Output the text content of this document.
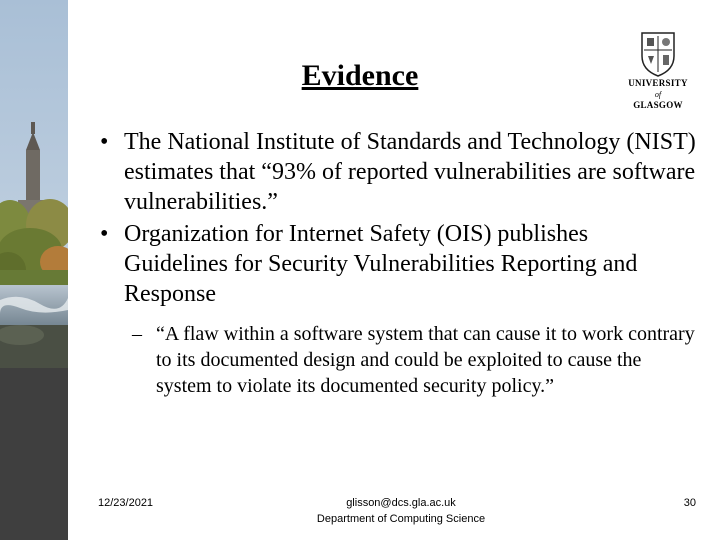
Evidence	UNIVERSITY
of
GLASGOW
• The National Institute of Standards and Technology (NIST) estimates that “93% of reported vulnerabilities are software vulnerabilities.”
• Organization for Internet Safety (OIS) publishes Guidelines for Security Vulnerabilities Reporting and Response
– “A flaw within a software system that can cause it to work contrary to its documented design and could be exploited to cause the system to violate its documented security policy.”
12/23/2021	glisson@dcs.gla.ac.uk
Department of Computing Science
30
